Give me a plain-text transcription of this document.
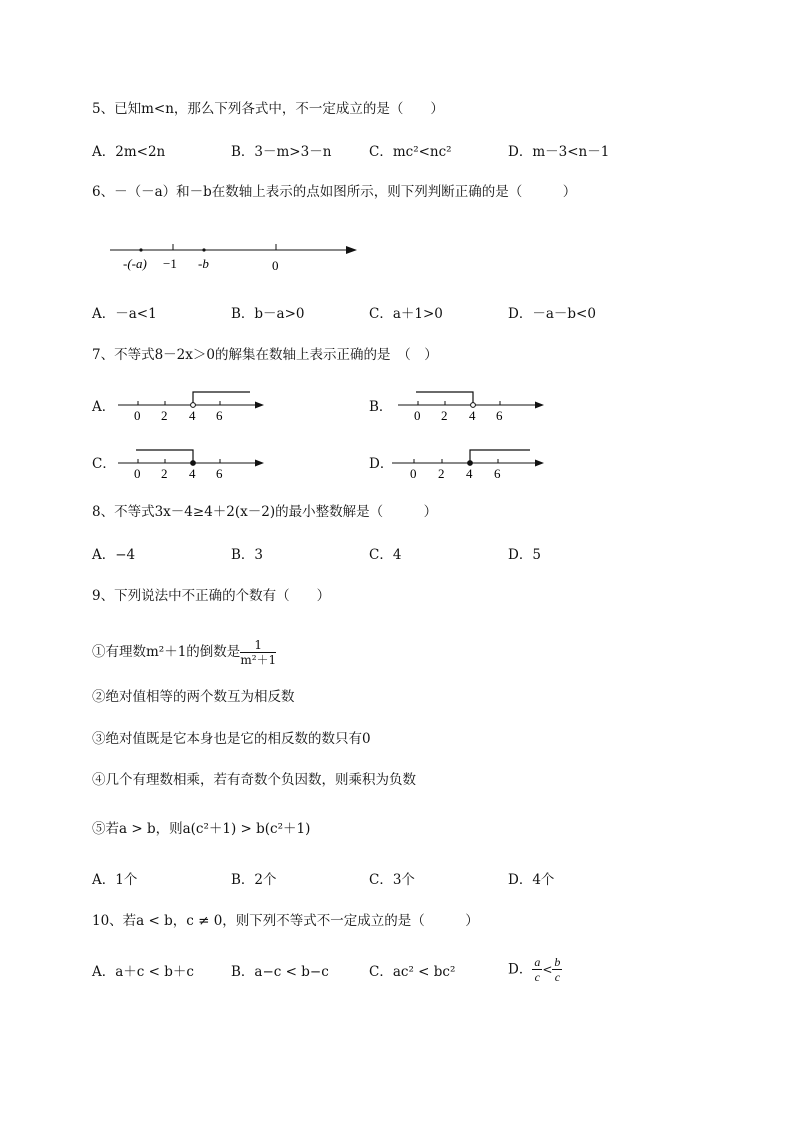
5、已知m<n，那么下列各式中，不一定成立的是（　　）
A．2m<2n	B．3－m>3－n	C．mc²<nc²	D．m－3<n－1
6、－（－a）和－b在数轴上表示的点如图所示，则下列判断正确的是（　　　）
-(-a) −1 -b	0
A．－a<1	B．b－a>0	C．a＋1>0	D．－a－b<0
7、不等式8－2x＞0的解集在数轴上表示正确的是　（　）
A．
0 2 4 6
B．
0 2 4 6
C．
0 2 4 6
D．
0 2 4 6
8、不等式3x－4≥4＋2(x－2)的最小整数解是（　　　）
A．−4	B．3	C．4	D．5
9、下列说法中不正确的个数有（　　）
①有理数m²＋1的倒数是 $\frac{1}{\text{m²＋1}}$
②绝对值相等的两个数互为相反数
③绝对值既是它本身也是它的相反数的数只有0
④几个有理数相乘，若有奇数个负因数，则乘积为负数
⑤若a > b，则a(c²＋1) > b(c²＋1)
A．1个	B．2个	C．3个	D．4个
10、若a < b，c ≠ 0，则下列不等式不一定成立的是（　　　）
A．a＋c < b＋c	B．a−c < b−c	C．ac² < bc²	D． $\frac{a}{c} < \frac{b}{c}$
